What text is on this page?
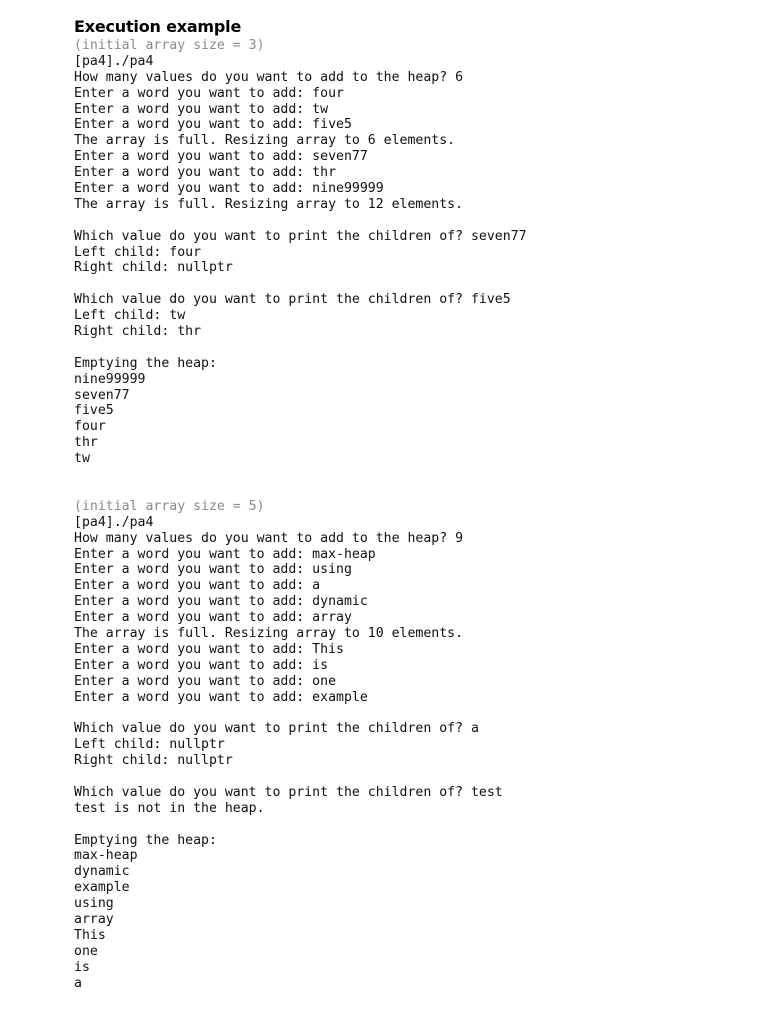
Execution example
(initial array size = 3)
[pa4]./pa4
How many values do you want to add to the heap? 6
Enter a word you want to add: four
Enter a word you want to add: tw
Enter a word you want to add: five5
The array is full. Resizing array to 6 elements.
Enter a word you want to add: seven77
Enter a word you want to add: thr
Enter a word you want to add: nine99999
The array is full. Resizing array to 12 elements.
Which value do you want to print the children of? seven77
Left child: four
Right child: nullptr
Which value do you want to print the children of? five5
Left child: tw
Right child: thr
Emptying the heap:
nine99999
seven77
five5
four
thr
tw
(initial array size = 5)
[pa4]./pa4
How many values do you want to add to the heap? 9
Enter a word you want to add: max-heap
Enter a word you want to add: using
Enter a word you want to add: a
Enter a word you want to add: dynamic
Enter a word you want to add: array
The array is full. Resizing array to 10 elements.
Enter a word you want to add: This
Enter a word you want to add: is
Enter a word you want to add: one
Enter a word you want to add: example
Which value do you want to print the children of? a
Left child: nullptr
Right child: nullptr
Which value do you want to print the children of? test
test is not in the heap.
Emptying the heap:
max-heap
dynamic
example
using
array
This
one
is
a
